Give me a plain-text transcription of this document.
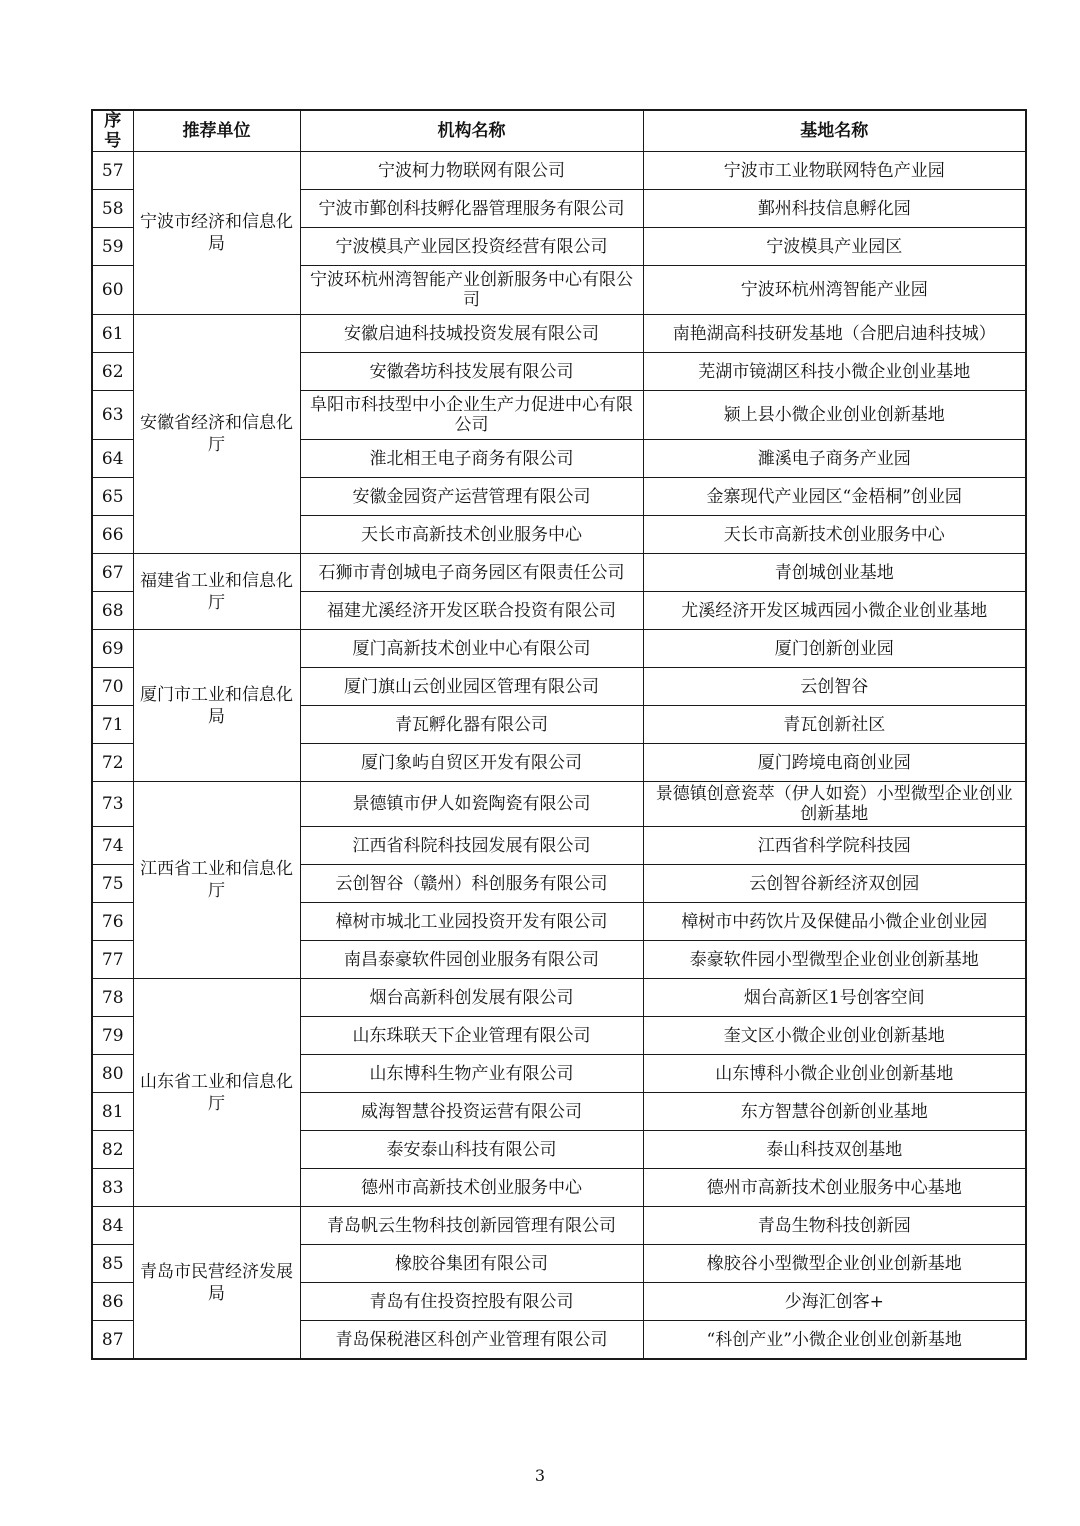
序号	推荐单位	机构名称	基地名称
57	宁波市经济和信息化局	宁波柯力物联网有限公司	宁波市工业物联网特色产业园
58		宁波市鄞创科技孵化器管理服务有限公司	鄞州科技信息孵化园
59		宁波模具产业园区投资经营有限公司	宁波模具产业园区
60		宁波环杭州湾智能产业创新服务中心有限公司	宁波环杭州湾智能产业园
61	安徽省经济和信息化厅	安徽启迪科技城投资发展有限公司	南艳湖高科技研发基地（合肥启迪科技城）
62		安徽砻坊科技发展有限公司	芜湖市镜湖区科技小微企业创业基地
63		阜阳市科技型中小企业生产力促进中心有限公司	颍上县小微企业创业创新基地
64		淮北相王电子商务有限公司	濉溪电子商务产业园
65		安徽金园资产运营管理有限公司	金寨现代产业园区“金梧桐”创业园
66		天长市高新技术创业服务中心	天长市高新技术创业服务中心
67	福建省工业和信息化厅	石狮市青创城电子商务园区有限责任公司	青创城创业基地
68		福建尤溪经济开发区联合投资有限公司	尤溪经济开发区城西园小微企业创业基地
69	厦门市工业和信息化局	厦门高新技术创业中心有限公司	厦门创新创业园
70		厦门旗山云创业园区管理有限公司	云创智谷
71		青瓦孵化器有限公司	青瓦创新社区
72		厦门象屿自贸区开发有限公司	厦门跨境电商创业园
73	江西省工业和信息化厅	景德镇市伊人如瓷陶瓷有限公司	景德镇创意瓷萃（伊人如瓷）小型微型企业创业创新基地
74		江西省科院科技园发展有限公司	江西省科学院科技园
75		云创智谷（赣州）科创服务有限公司	云创智谷新经济双创园
76		樟树市城北工业园投资开发有限公司	樟树市中药饮片及保健品小微企业创业园
77		南昌泰豪软件园创业服务有限公司	泰豪软件园小型微型企业创业创新基地
78	山东省工业和信息化厅	烟台高新科创发展有限公司	烟台高新区1号创客空间
79		山东珠联天下企业管理有限公司	奎文区小微企业创业创新基地
80		山东博科生物产业有限公司	山东博科小微企业创业创新基地
81		威海智慧谷投资运营有限公司	东方智慧谷创新创业基地
82		泰安泰山科技有限公司	泰山科技双创基地
83		德州市高新技术创业服务中心	德州市高新技术创业服务中心基地
84	青岛市民营经济发展局	青岛帆云生物科技创新园管理有限公司	青岛生物科技创新园
85		橡胶谷集团有限公司	橡胶谷小型微型企业创业创新基地
86		青岛有住投资控股有限公司	少海汇创客+
87		青岛保税港区科创产业管理有限公司	“科创产业”小微企业创业创新基地
3
